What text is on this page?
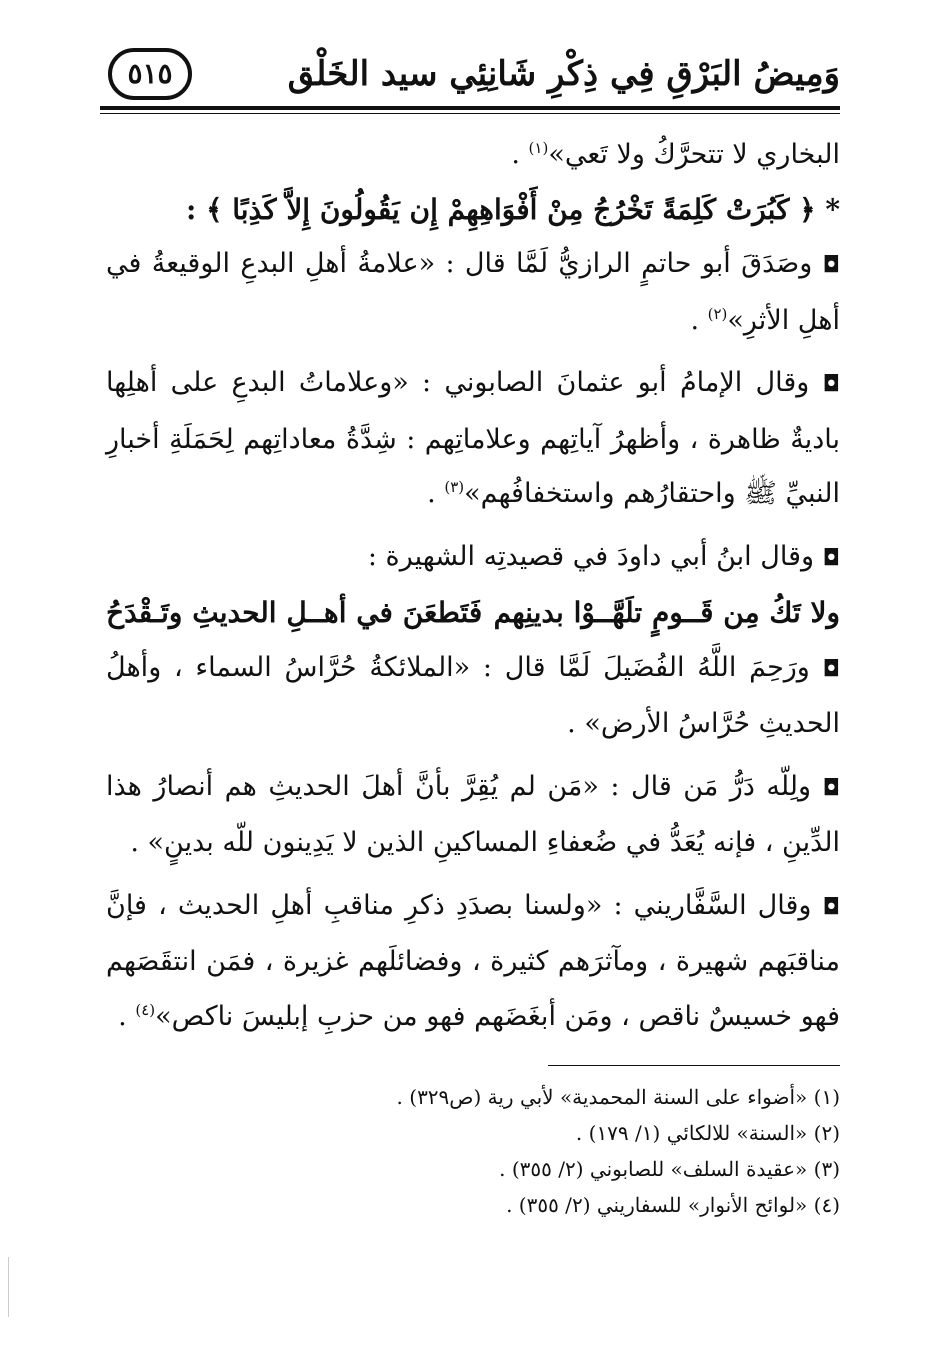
وَمِيضُ البَرْقِ فِي ذِكْرِ شَانِئِي سيد الخَلْق
٥١٥

البخاري لا تتحرَّكُ ولا تَعي»$^{(١)}$ .

* ﴿ كَبُرَتْ كَلِمَةً تَخْرُجُ مِنْ أَفْوَاهِهِمْ إِن يَقُولُونَ إِلاَّ كَذِبًا ﴾ :

◘ وصَدَقَ أبو حاتمٍ الرازيُّ لَمَّا قال : «علامةُ أهلِ البدعِ الوقيعةُ في أهلِ الأثرِ»$^{(٢)}$ .

◘ وقال الإمامُ أبو عثمانَ الصابوني : «وعلاماتُ البدعِ على أهلِها باديةٌ ظاهرة ، وأظهرُ آياتِهم وعلاماتِهم : شِدَّةُ معاداتِهم لِحَمَلَةِ أخبارِ النبيِّ ﷺ واحتقارُهم واستخفافُهم»$^{(٣)}$ .

◘ وقال ابنُ أبي داودَ في قصيدتِه الشهيرة :

ولا تَكُ مِن قَــومٍ تلَهَّــوْا بدينِهم
فَتَطعَنَ في أهــلِ الحديثِ وتَـقْدَحُ

◘ ورَحِمَ اللَّهُ الفُضَيلَ لَمَّا قال : «الملائكةُ حُرَّاسُ السماء ، وأهلُ الحديثِ حُرَّاسُ الأرض» .

◘ ولِلّه دَرُّ مَن قال : «مَن لم يُقِرَّ بأنَّ أهلَ الحديثِ هم أنصارُ هذا الدِّينِ ، فإنه يُعَدُّ في ضُعفاءِ المساكينِ الذين لا يَدِينون للّه بدينٍ» .

◘ وقال السَّفَّاريني : «ولسنا بصدَدِ ذكرِ مناقبِ أهلِ الحديث ، فإنَّ مناقبَهم شهيرة ، ومآثرَهم كثيرة ، وفضائلَهم غزيرة ، فمَن انتقَصَهم فهو خسيسٌ ناقص ، ومَن أبغَضَهم فهو من حزبِ إبليسَ ناكص»$^{(٤)}$ .

(١) «أضواء على السنة المحمدية» لأبي رية (ص٣٢٩) .

(٢) «السنة» للالكائي (١/ ١٧٩) .

(٣) «عقيدة السلف» للصابوني (٢/ ٣٥٥) .

(٤) «لوائح الأنوار» للسفاريني (٢/ ٣٥٥) .
